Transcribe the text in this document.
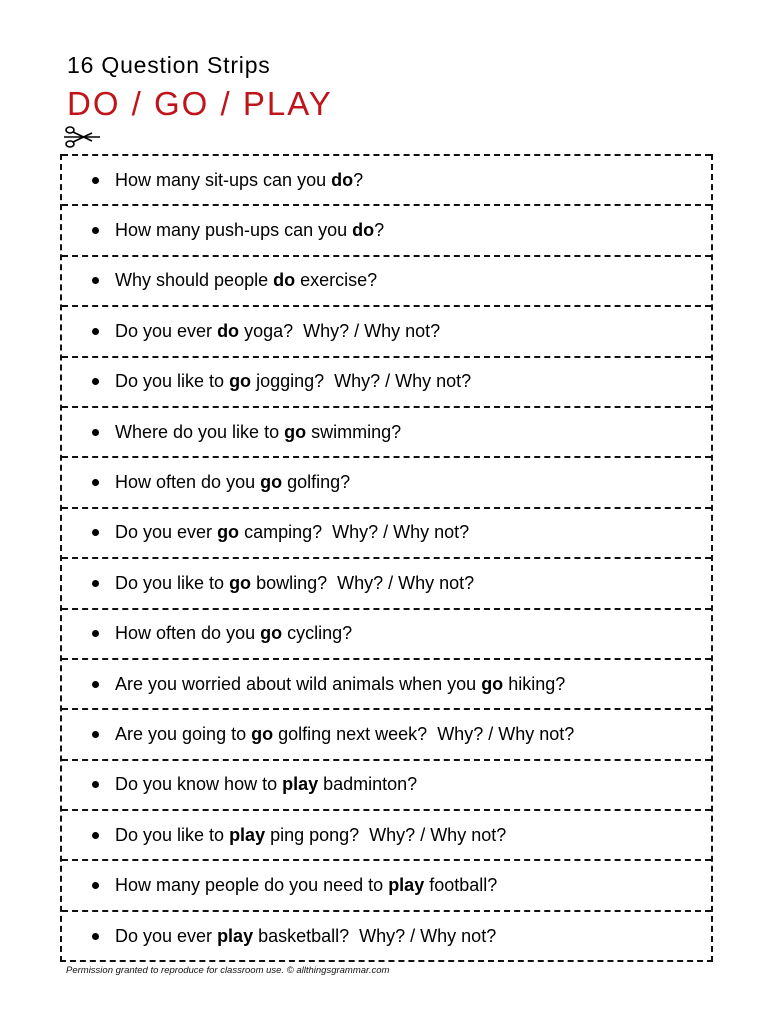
16 Question Strips
DO / GO / PLAY
How many sit-ups can you do?
How many push-ups can you do?
Why should people do exercise?
Do you ever do yoga?  Why? / Why not?
Do you like to go jogging?  Why? / Why not?
Where do you like to go swimming?
How often do you go golfing?
Do you ever go camping?  Why? / Why not?
Do you like to go bowling?  Why? / Why not?
How often do you go cycling?
Are you worried about wild animals when you go hiking?
Are you going to go golfing next week?  Why? / Why not?
Do you know how to play badminton?
Do you like to play ping pong?  Why? / Why not?
How many people do you need to play football?
Do you ever play basketball?  Why? / Why not?
Permission granted to reproduce for classroom use. © allthingsgrammar.com
